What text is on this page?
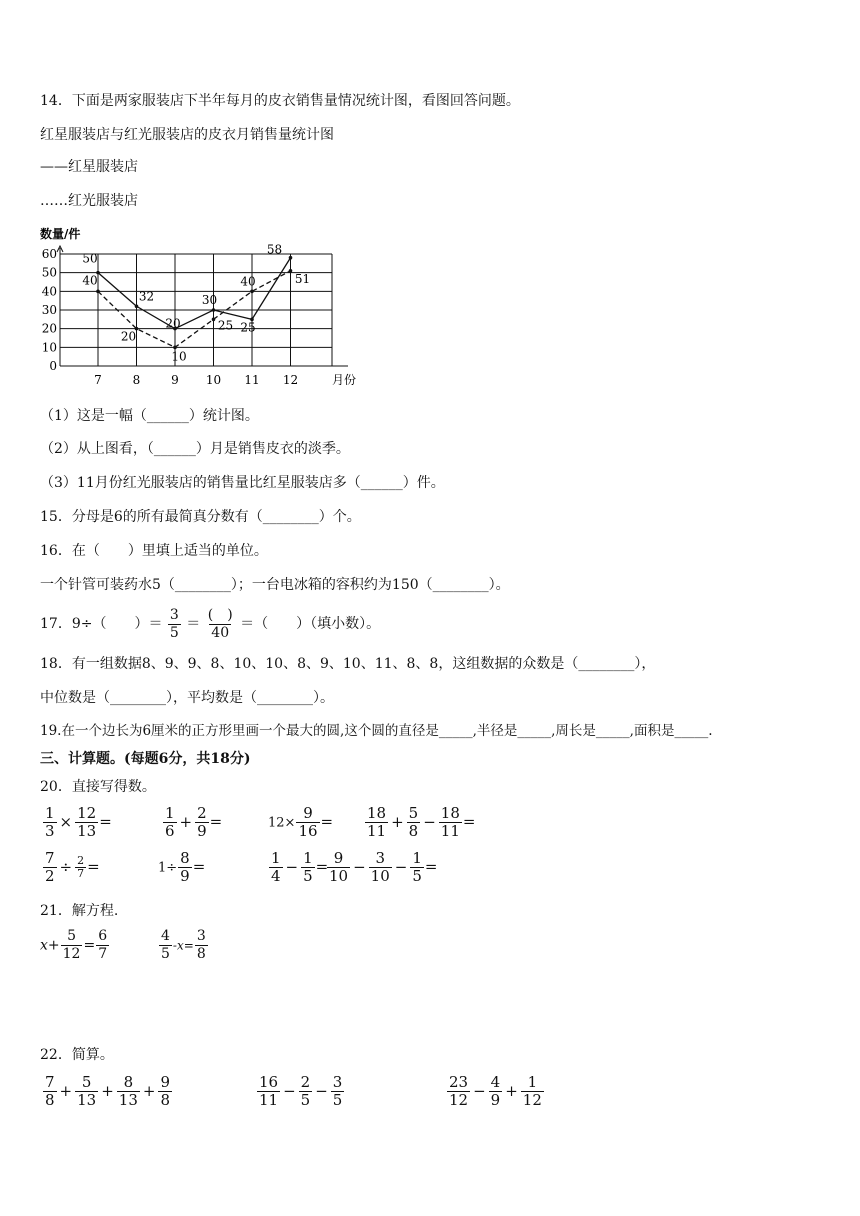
14．下面是两家服装店下半年每月的皮衣销售量情况统计图，看图回答问题。
红星服装店与红光服装店的皮衣月销售量统计图
——红星服装店
……红光服装店
数量/件
0
10
20
30
40
50
60
7	8	9 10 11 12	月份
50
32
20
30
25
58
40
20
10
25
40	51
（1）这是一幅（______）统计图。
（2）从上图看，（______）月是销售皮衣的淡季。
（3）11月份红光服装店的销售量比红星服装店多（______）件。
15．分母是6的所有最简真分数有（________）个。
16．在（　　）里填上适当的单位。
一个针管可装药水5（________）；一台电冰箱的容积约为150（________）。
17．9÷（　　）＝ $\frac{3}{5} = \frac{( )}{40}$ ＝（　　）（填小数）。
18．有一组数据8、9、9、8、10、10、8、9、10、11、8、8，这组数据的众数是（________），
中位数是（________），平均数是（________）。
19.在一个边长为6厘米的正方形里画一个最大的圆,这个圆的直径是_____,半径是_____,周长是_____,面积是_____.
三、计算题。(每题6分，共18分)
20．直接写得数。
$\frac{1}{3} \times \frac{12}{13}$ =	$\frac{1}{6} + \frac{2}{9}$ =	$12\times \frac{9}{16} = \frac{18}{11} + \frac{5}{8} - \frac{18}{11}$ =
$\frac{7}{2} \div \frac{2}{7}$ =	$1\div \frac{8}{9}$ =	$\frac{1}{4} - \frac{1}{5}$ =
$\frac{9}{10} - \frac{3}{10} - \frac{1}{5}$ =
21．解方程.
$x+ \frac{5}{12} = \frac{6}{7}$	$\frac{4}{5} -x= \frac{3}{8}$
22．简算。
$\frac{7}{8} + \frac{5}{13} + \frac{8}{13} + \frac{9}{8}$	$\frac{16}{11} - \frac{2}{5} - \frac{3}{5}$	$\frac{23}{12} - \frac{4}{9} + \frac{1}{12}$
